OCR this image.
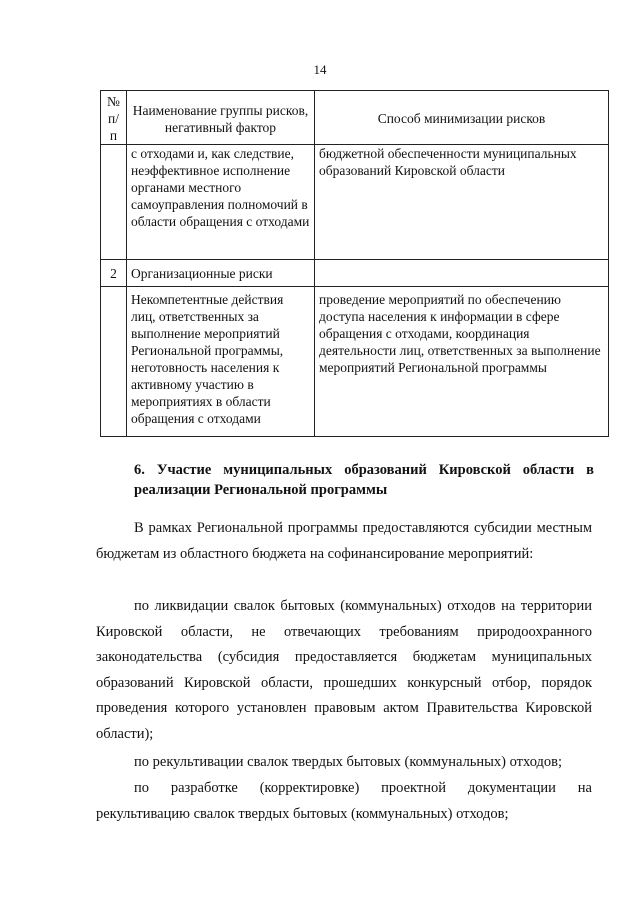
14
№ п/п	Наименование группы рисков, негативный фактор	Способ минимизации рисков
	с отходами и, как следствие, неэффективное исполнение органами местного самоуправления полномочий в области обращения с отходами	бюджетной обеспеченности муниципальных образований Кировской области
2	Организационные риски	
	Некомпетентные действия лиц, ответственных за выполнение мероприятий Региональной программы, неготовность населения к активному участию в мероприятиях в области обращения с отходами	проведение мероприятий по обеспечению доступа населения к информации в сфере обращения с отходами, координация деятельности лиц, ответственных за выполнение мероприятий Региональной программы
6. Участие муниципальных образований Кировской области в реализации Региональной программы

В рамках Региональной программы предоставляются субсидии местным бюджетам из областного бюджета на софинансирование мероприятий:

по ликвидации свалок бытовых (коммунальных) отходов на территории Кировской области, не отвечающих требованиям природоохранного законодательства (субсидия предоставляется бюджетам муниципальных образований Кировской области, прошедших конкурсный отбор, порядок проведения которого установлен правовым актом Правительства Кировской области);

по рекультивации свалок твердых бытовых (коммунальных) отходов;

по разработке (корректировке) проектной документации на рекультивацию свалок твердых бытовых (коммунальных) отходов;
